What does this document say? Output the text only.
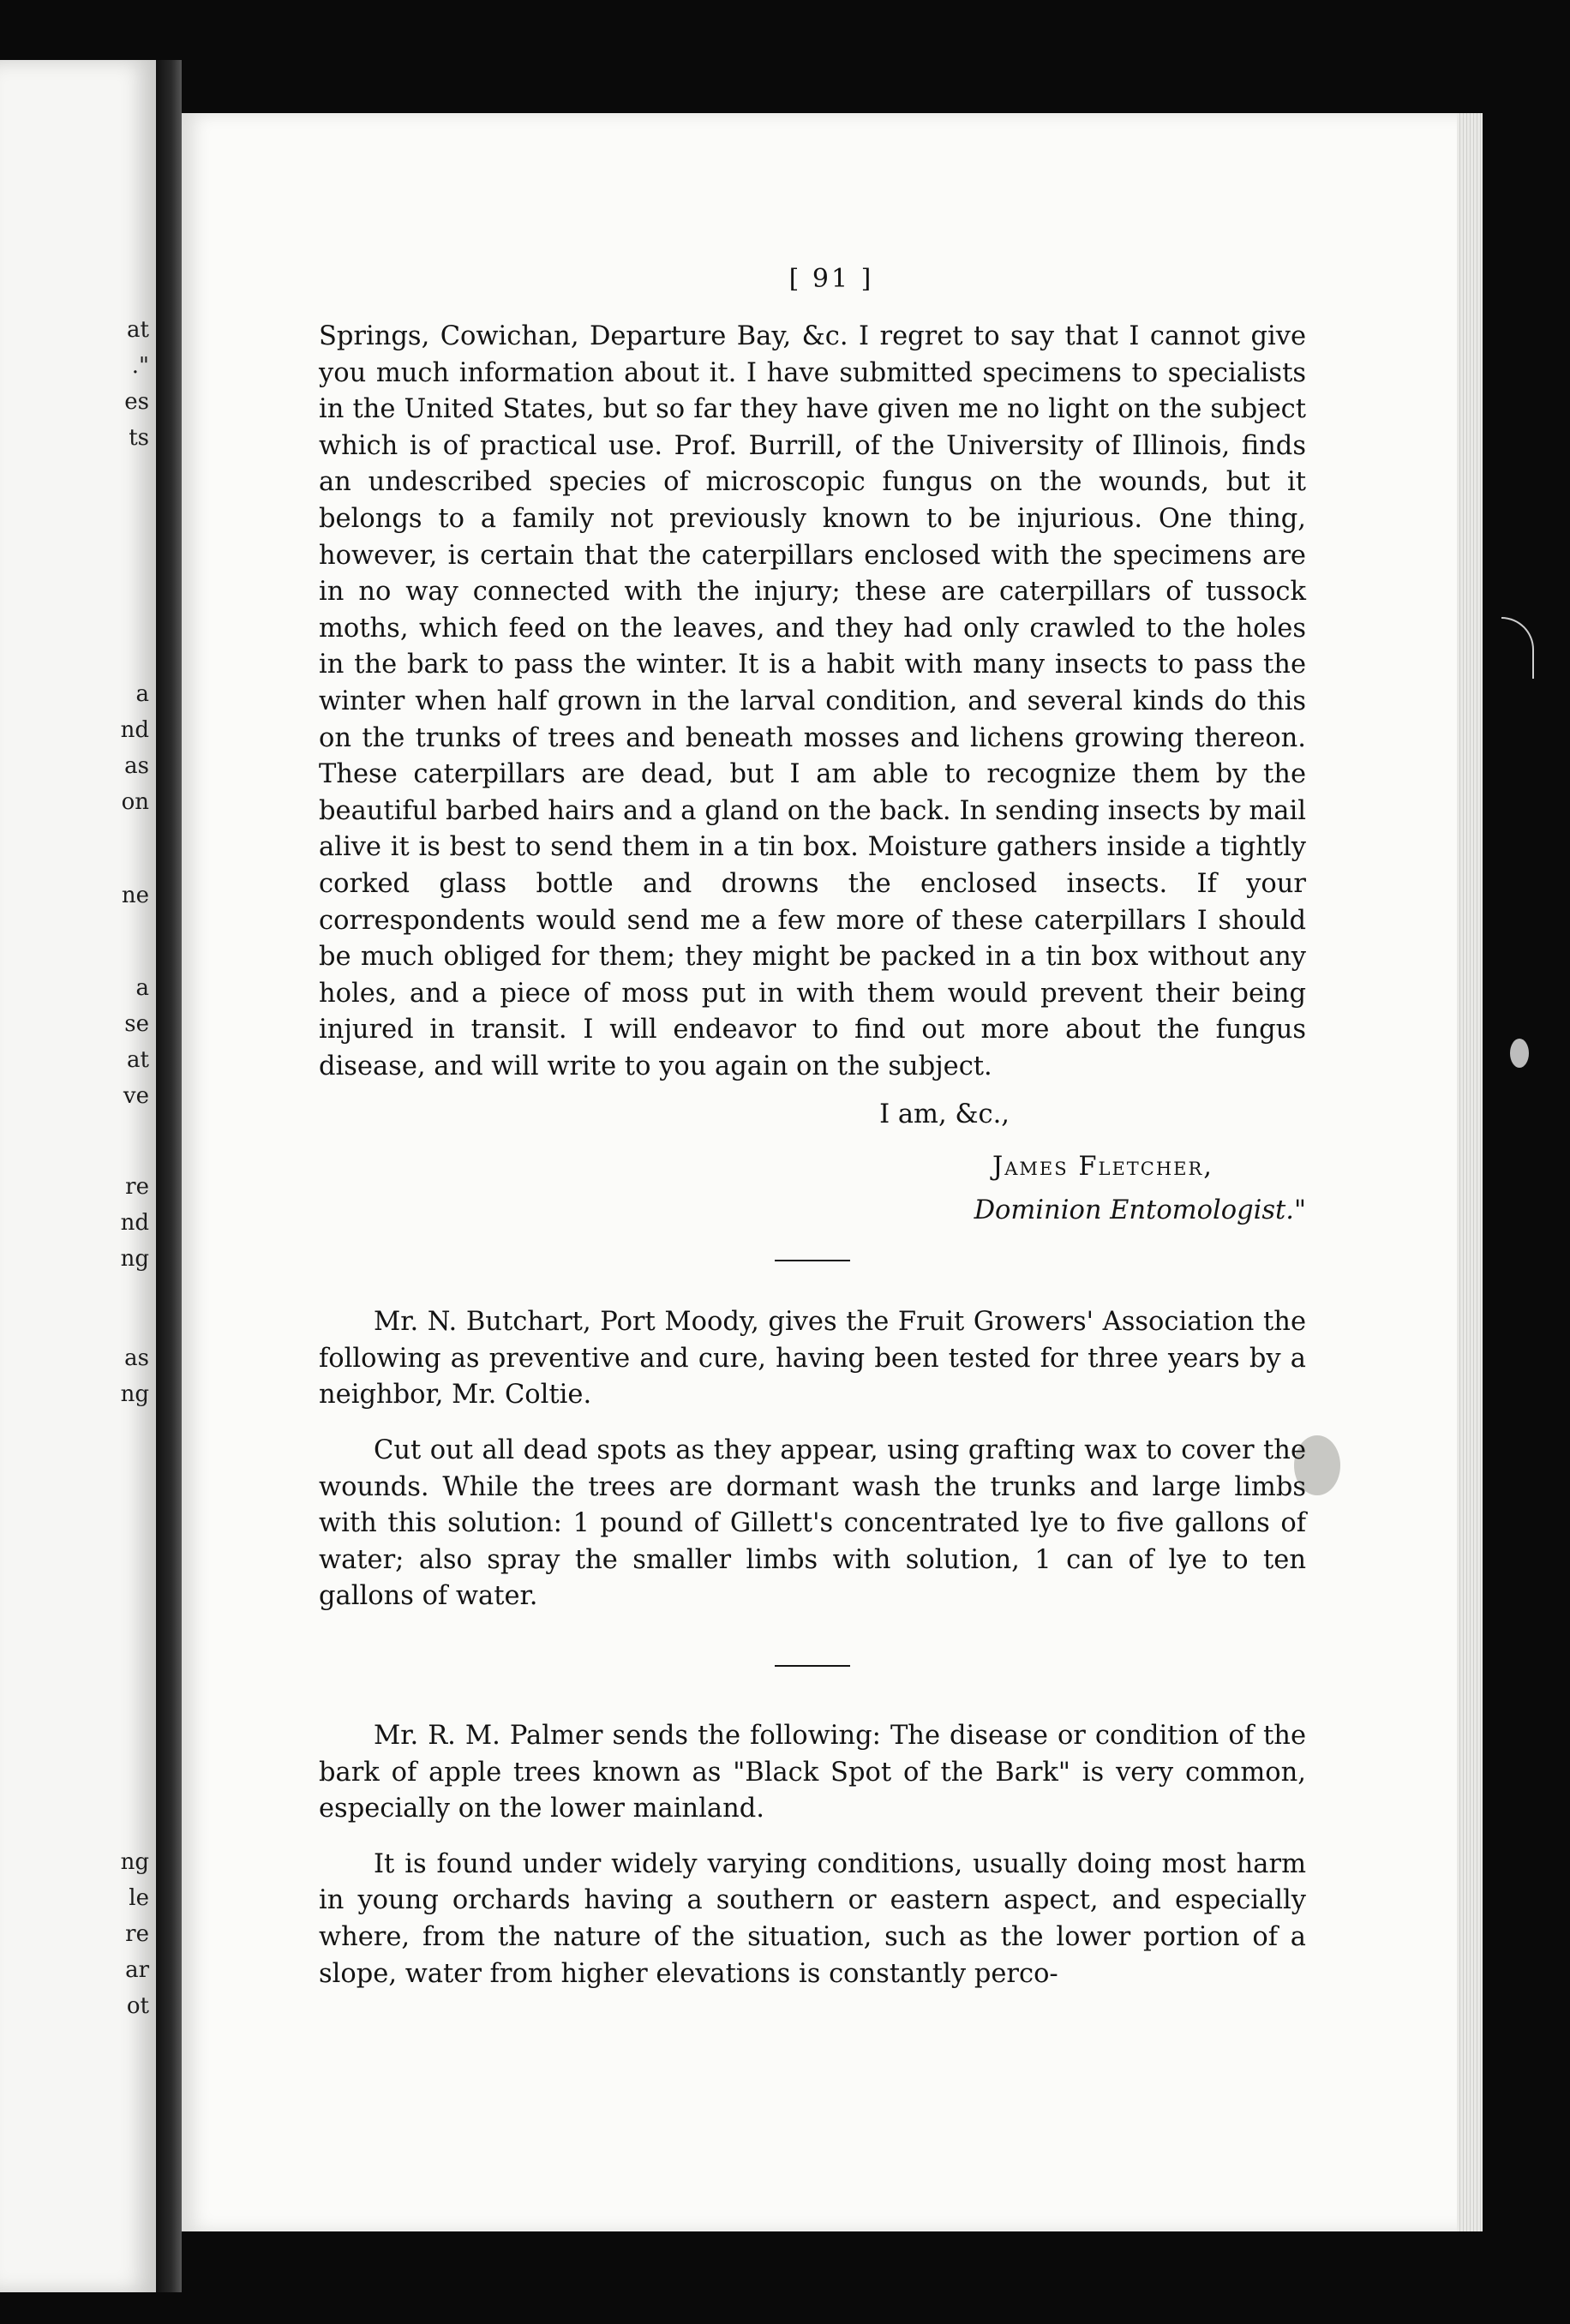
at
."
es
ts
a
nd
as
on
ne
a
se
at
ve
re
nd
ng
as
ng
ng
le
re
ar
ot
[ 91 ]

Springs, Cowichan, Departure Bay, &c. I regret to say that I cannot give you much information about it. I have submitted specimens to specialists in the United States, but so far they have given me no light on the subject which is of practical use. Prof. Burrill, of the University of Illinois, finds an undescribed species of microscopic fungus on the wounds, but it belongs to a family not previously known to be injurious. One thing, however, is certain that the caterpillars enclosed with the specimens are in no way connected with the injury; these are caterpillars of tussock moths, which feed on the leaves, and they had only crawled to the holes in the bark to pass the winter. It is a habit with many insects to pass the winter when half grown in the larval condition, and several kinds do this on the trunks of trees and beneath mosses and lichens growing thereon. These caterpillars are dead, but I am able to recognize them by the beautiful barbed hairs and a gland on the back. In sending insects by mail alive it is best to send them in a tin box. Moisture gathers inside a tightly corked glass bottle and drowns the enclosed insects. If your correspondents would send me a few more of these caterpillars I should be much obliged for them; they might be packed in a tin box without any holes, and a piece of moss put in with them would prevent their being injured in transit. I will endeavor to find out more about the fungus disease, and will write to you again on the subject.

I am, &c.,

James Fletcher,

Dominion Entomologist."

Mr. N. Butchart, Port Moody, gives the Fruit Growers' Association the following as preventive and cure, having been tested for three years by a neighbor, Mr. Coltie.

Cut out all dead spots as they appear, using grafting wax to cover the wounds. While the trees are dormant wash the trunks and large limbs with this solution: 1 pound of Gillett's concentrated lye to five gallons of water; also spray the smaller limbs with solution, 1 can of lye to ten gallons of water.

Mr. R. M. Palmer sends the following: The disease or condition of the bark of apple trees known as "Black Spot of the Bark" is very common, especially on the lower mainland.

It is found under widely varying conditions, usually doing most harm in young orchards having a southern or eastern aspect, and especially where, from the nature of the situation, such as the lower portion of a slope, water from higher elevations is constantly perco-
